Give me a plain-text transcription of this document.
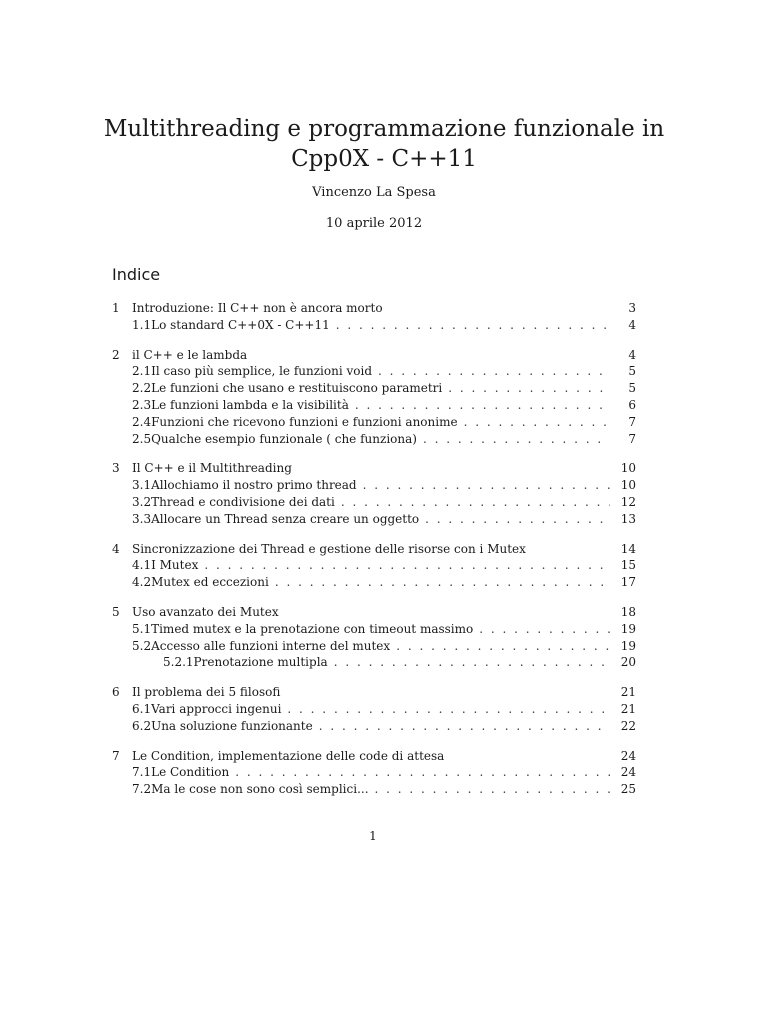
Multithreading e programmazione funzionale in Cpp0X - C++11
Vincenzo La Spesa
10 aprile 2012
Indice
1	Introduzione: Il C++ non è ancora morto	3
1.1 Lo standard C++0X - C++11 . . .	4
2	il C++ e le lambda	4
2.1 Il caso più semplice, le funzioni void . . .	5
2.2 Le funzioni che usano e restituiscono parametri . . .	5
2.3 Le funzioni lambda e la visibilità . . .	6
2.4 Funzioni che ricevono funzioni e funzioni anonime . . .	7
2.5 Qualche esempio funzionale ( che funziona) . . .	7
3	Il C++ e il Multithreading	10
3.1 Allochiamo il nostro primo thread . . .	10
3.2 Thread e condivisione dei dati . . .	12
3.3 Allocare un Thread senza creare un oggetto . . .	13
4	Sincronizzazione dei Thread e gestione delle risorse con i Mutex	14
4.1 I Mutex . . .	15
4.2 Mutex ed eccezioni . . .	17
5	Uso avanzato dei Mutex	18
5.1 Timed mutex e la prenotazione con timeout massimo . . .	19
5.2 Accesso alle funzioni interne del mutex . . .	19
5.2.1 Prenotazione multipla . . .	20
6	Il problema dei 5 filosofi	21
6.1 Vari approcci ingenui . . .	21
6.2 Una soluzione funzionante . . .	22
7	Le Condition, implementazione delle code di attesa	24
7.1 Le Condition . . .	24
7.2 Ma le cose non sono così semplici... . . .	25
1
